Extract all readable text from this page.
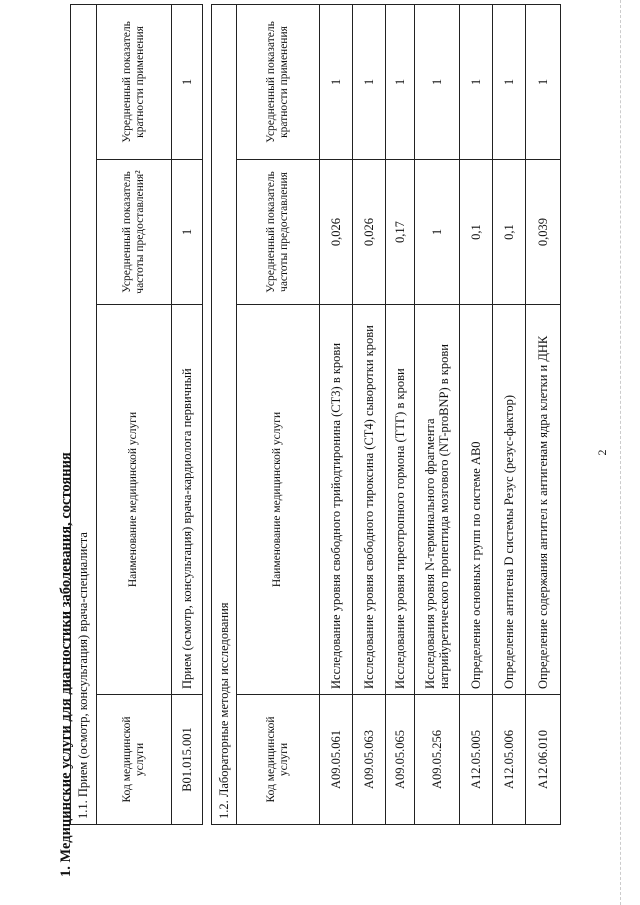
2
1. Медицинские услуги для диагностики заболевания, состояния 1.1. Прием (осмотр, консультация) врача-специалиста			
Код медицинской услуги	Наименование медицинской услуги	Усредненный показатель частоты предоставления²	Усредненный показатель кратности применения
B01.015.001	Прием (осмотр, консультация) врача-кардиолога первичный	1	1
1.2. Лабораторные методы исследования			
Код медицинской услуги	Наименование медицинской услуги	Усредненный показатель частоты предоставления	Усредненный показатель кратности применения
A09.05.061	Исследование уровня свободного трийодтиронина (СТ3) в крови	0,026	1
A09.05.063	Исследование уровня свободного тироксина (СТ4) сыворотки крови	0,026	1
A09.05.065	Исследование уровня тиреотропного гормона (ТТГ) в крови	0,17	1
A09.05.256	Исследования уровня N-терминального фрагмента натрийуретического пропептида мозгового (NT-proBNP) в крови	1	1
A12.05.005	Определение основных групп по системе AB0	0,1	1
A12.05.006	Определение антигена D системы Резус (резус-фактор)	0,1	1
A12.06.010	Определение содержания антител к антигенам ядра клетки и ДНК	0,039	1
